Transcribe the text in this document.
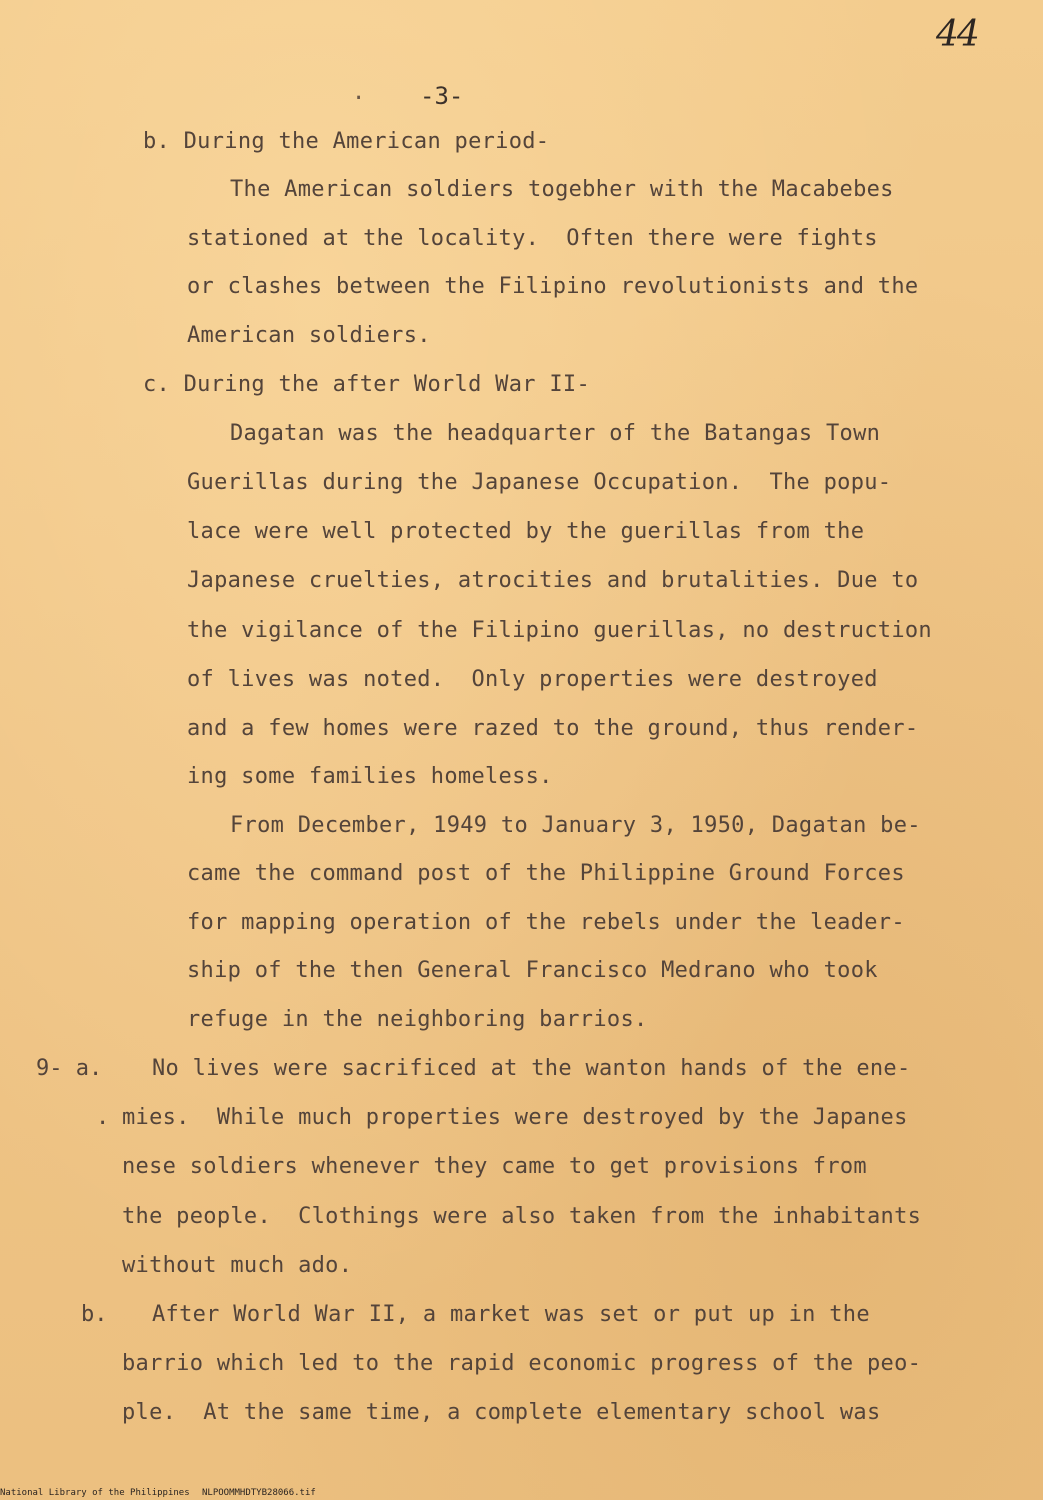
44
· -3-
b. During the American period-
The American soldiers togebher with the Macabebes
stationed at the locality.  Often there were fights
or clashes between the Filipino revolutionists and the
American soldiers.
c. During the after World War II-
Dagatan was the headquarter of the Batangas Town
Guerillas during the Japanese Occupation.  The popu-
lace were well protected by the guerillas from the
Japanese cruelties, atrocities and brutalities. Due to
the vigilance of the Filipino guerillas, no destruction
of lives was noted.  Only properties were destroyed
and a few homes were razed to the ground, thus render-
ing some families homeless.
From December, 1949 to January 3, 1950, Dagatan be-
came the command post of the Philippine Ground Forces
for mapping operation of the rebels under the leader-
ship of the then General Francisco Medrano who took
refuge in the neighboring barrios.
9- a. No lives were sacrificed at the wanton hands of the ene-
. mies.  While much properties were destroyed by the Japanes
nese soldiers whenever they came to get provisions from
the people.  Clothings were also taken from the inhabitants
without much ado.
b. After World War II, a market was set or put up in the
barrio which led to the rapid economic progress of the peo-
ple.  At the same time, a complete elementary school was
National Library of the Philippines NLPOOMMHDTYB28066.tif
